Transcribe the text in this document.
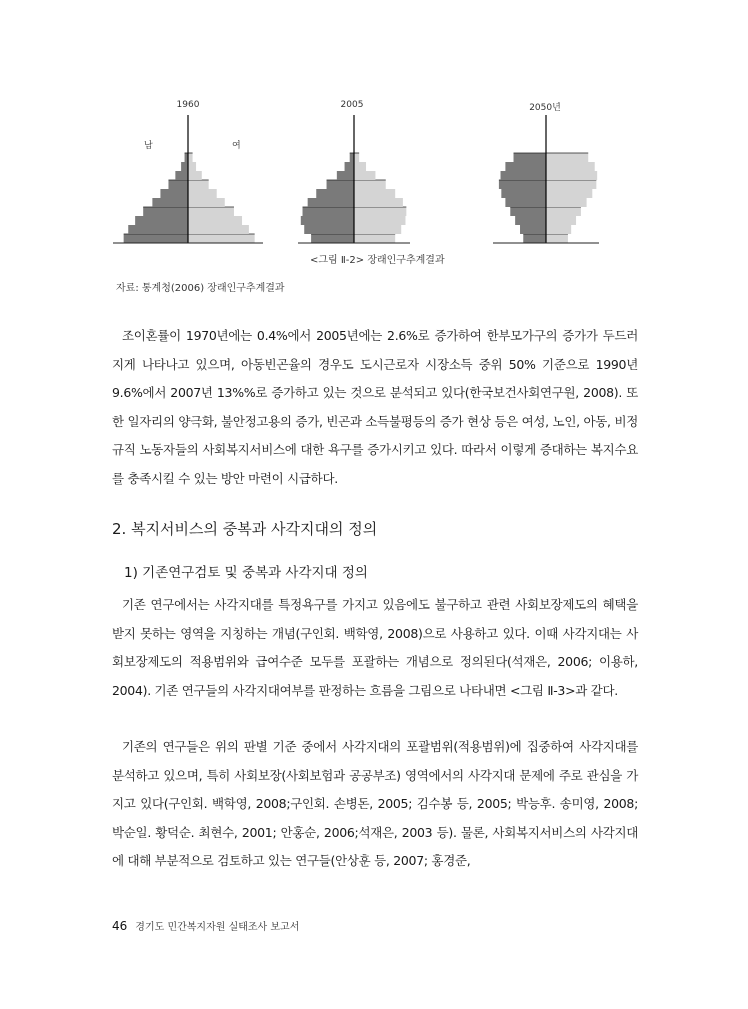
1960	2005	2050년
남	여
<그림 Ⅱ-2> 장래인구추계결과
자료: 통계청(2006) 장래인구추계결과

조이혼률이 1970년에는 0.4%에서 2005년에는 2.6%로 증가하여 한부모가구의 증가가 두드러지게 나타나고 있으며, 아동빈곤율의 경우도 도시근로자 시장소득 중위 50% 기준으로 1990년 9.6%에서 2007년 13%%로 증가하고 있는 것으로 분석되고 있다(한국보건사회연구원, 2008). 또한 일자리의 양극화, 불안정고용의 증가, 빈곤과 소득불평등의 증가 현상 등은 여성, 노인, 아동, 비정규직 노동자들의 사회복지서비스에 대한 욕구를 증가시키고 있다. 따라서 이렇게 증대하는 복지수요를 충족시킬 수 있는 방안 마련이 시급하다.

2. 복지서비스의 중복과 사각지대의 정의
1) 기존연구검토 및 중복과 사각지대 정의

기존 연구에서는 사각지대를 특정욕구를 가지고 있음에도 불구하고 관련 사회보장제도의 혜택을 받지 못하는 영역을 지칭하는 개념(구인회. 백학영, 2008)으로 사용하고 있다. 이때 사각지대는 사회보장제도의 적용범위와 급여수준 모두를 포괄하는 개념으로 정의된다(석재은, 2006; 이용하, 2004). 기존 연구들의 사각지대여부를 판정하는 흐름을 그림으로 나타내면 <그림 Ⅱ-3>과 같다.

기존의 연구들은 위의 판별 기준 중에서 사각지대의 포괄범위(적용범위)에 집중하여 사각지대를 분석하고 있으며, 특히 사회보장(사회보험과 공공부조) 영역에서의 사각지대 문제에 주로 관심을 가지고 있다(구인회. 백학영, 2008;구인회. 손병돈, 2005; 김수봉 등, 2005; 박능후. 송미영, 2008;박순일. 황덕순. 최현수, 2001; 안홍순, 2006;석재은, 2003 등). 물론, 사회복지서비스의 사각지대에 대해 부분적으로 검토하고 있는 연구들(안상훈 등, 2007; 홍경준,

46 경기도 민간복지자원 실태조사 보고서
